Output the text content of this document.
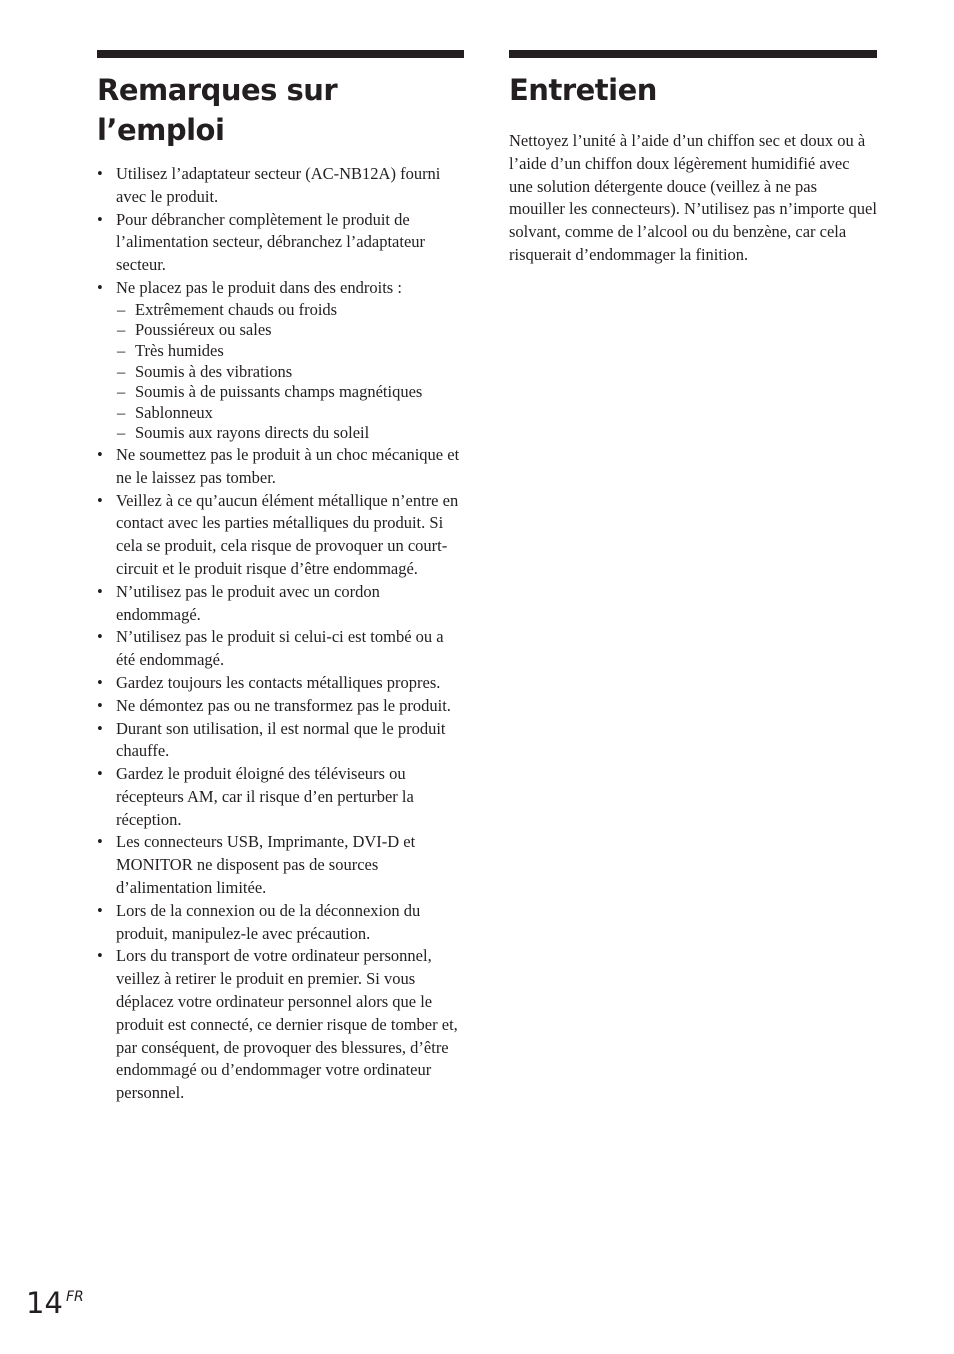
Remarques sur l’emploi
• Utilisez l’adaptateur secteur (AC-NB12A) fourni avec le produit.
• Pour débrancher complètement le produit de l’alimentation secteur, débranchez l’adaptateur secteur.
• Ne placez pas le produit dans des endroits :
– Extrêmement chauds ou froids
– Poussiéreux ou sales
– Très humides
– Soumis à des vibrations
– Soumis à de puissants champs magnétiques
– Sablonneux
– Soumis aux rayons directs du soleil
• Ne soumettez pas le produit à un choc mécanique et ne le laissez pas tomber.
• Veillez à ce qu’aucun élément métallique n’entre en contact avec les parties métalliques du produit. Si cela se produit, cela risque de provoquer un court-circuit et le produit risque d’être endommagé.
• N’utilisez pas le produit avec un cordon endommagé.
• N’utilisez pas le produit si celui-ci est tombé ou a été endommagé.
• Gardez toujours les contacts métalliques propres.
• Ne démontez pas ou ne transformez pas le produit.
• Durant son utilisation, il est normal que le produit chauffe.
• Gardez le produit éloigné des téléviseurs ou récepteurs AM, car il risque d’en perturber la réception.
• Les connecteurs USB, Imprimante, DVI-D et MONITOR ne disposent pas de sources d’alimentation limitée.
• Lors de la connexion ou de la déconnexion du produit, manipulez-le avec précaution.
• Lors du transport de votre ordinateur personnel, veillez à retirer le produit en premier. Si vous déplacez votre ordinateur personnel alors que le produit est connecté, ce dernier risque de tomber et, par conséquent, de provoquer des blessures, d’être endommagé ou d’endommager votre ordinateur personnel.
Entretien

Nettoyez l’unité à l’aide d’un chiffon sec et doux ou à l’aide d’un chiffon doux légèrement humidifié avec une solution détergente douce (veillez à ne pas mouiller les connecteurs). N’utilisez pas n’importe quel solvant, comme de l’alcool ou du benzène, car cela risquerait d’endommager la finition.

14 FR
